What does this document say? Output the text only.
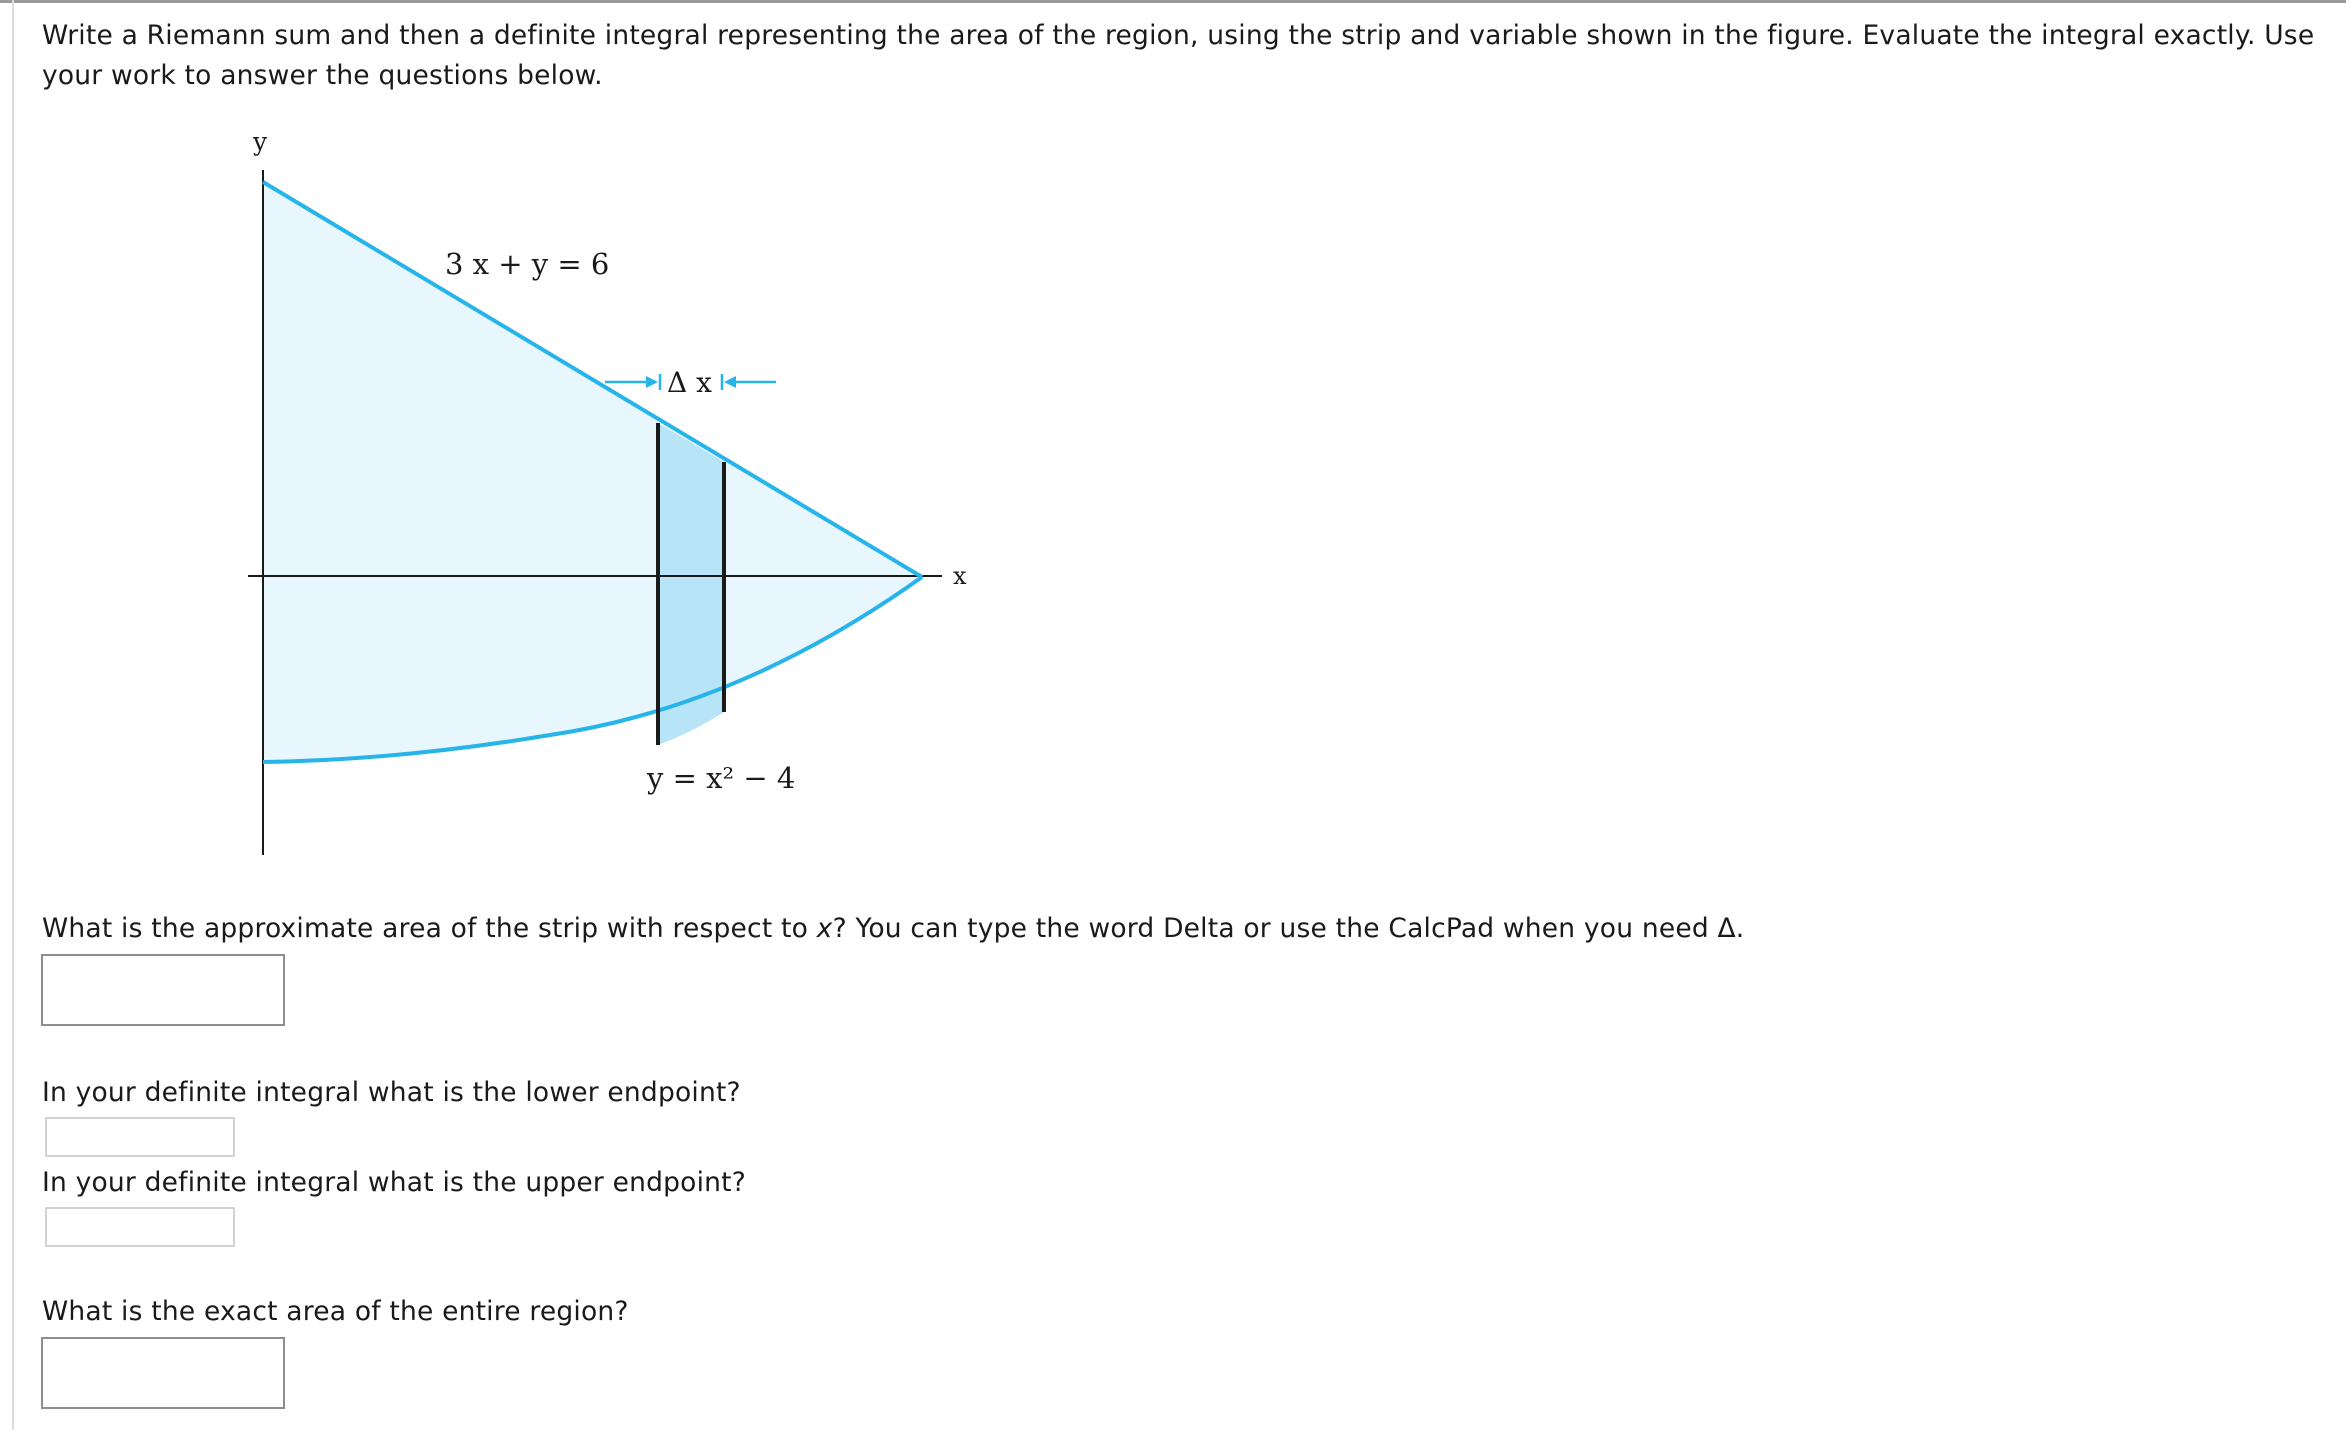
Write a Riemann sum and then a definite integral representing the area of the region, using the strip and variable shown in the figure. Evaluate the integral exactly. Use your work to answer the questions below.

y
x
3 x + y = 6
Δ x
y = x² − 4

What is the approximate area of the strip with respect to x? You can type the word Delta or use the CalcPad when you need Δ.

In your definite integral what is the lower endpoint?

In your definite integral what is the upper endpoint?

What is the exact area of the entire region?
